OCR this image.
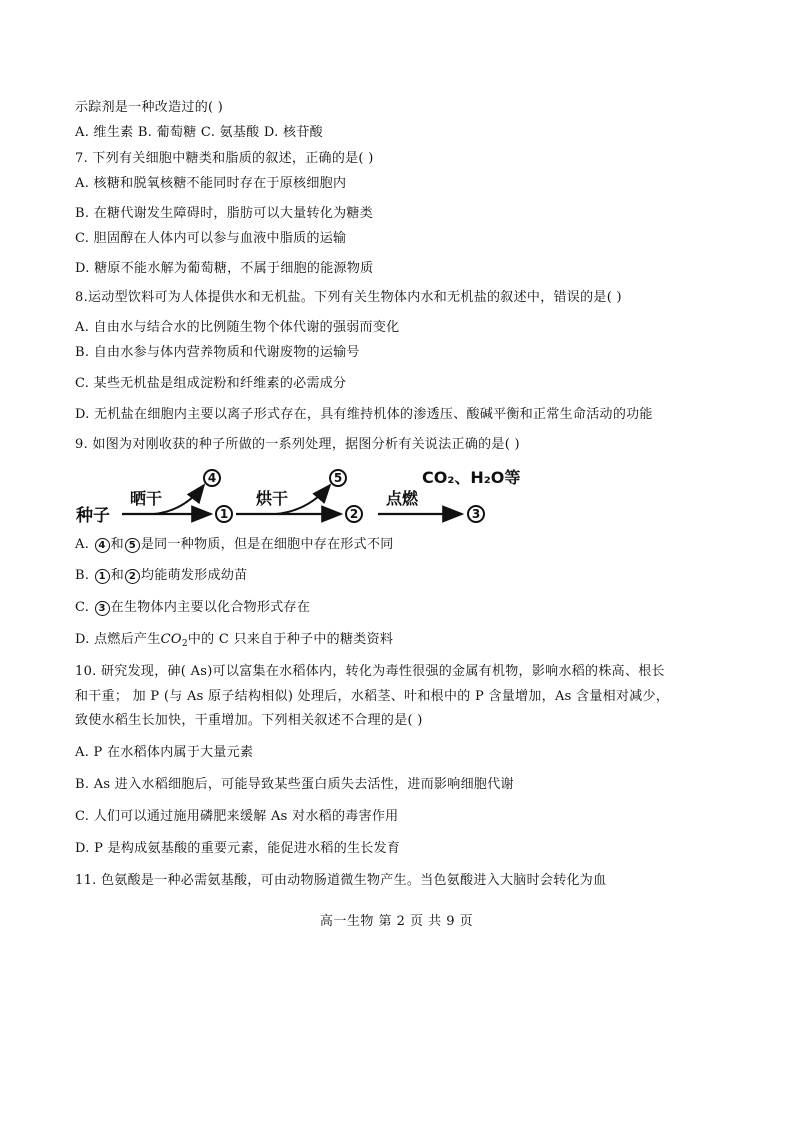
示踪剂是一种改造过的( )
A. 维生素 B. 葡萄糖 C. 氨基酸 D. 核苷酸
7. 下列有关细胞中糖类和脂质的叙述，正确的是( )
A. 核糖和脱氧核糖不能同时存在于原核细胞内
B. 在糖代谢发生障碍时，脂肪可以大量转化为糖类
C. 胆固醇在人体内可以参与血液中脂质的运输
D. 糖原不能水解为葡萄糖，不属于细胞的能源物质
8.运动型饮料可为人体提供水和无机盐。下列有关生物体内水和无机盐的叙述中，错误的是( )
A. 自由水与结合水的比例随生物个体代谢的强弱而变化
B. 自由水参与体内营养物质和代谢废物的运输号
C. 某些无机盐是组成淀粉和纤维素的必需成分
D. 无机盐在细胞内主要以离子形式存在，具有维持机体的渗透压、酸碱平衡和正常生命活动的功能
9. 如图为对刚收获的种子所做的一系列处理，据图分析有关说法正确的是( )
种子
晒干
4
1
烘干
5
2
点燃
CO₂、H₂O等
3
A. 4 和 5 是同一种物质，但是在细胞中存在形式不同
B. 1 和 2 均能萌发形成幼苗
C. 3 在生物体内主要以化合物形式存在
D. 点燃后产生$CO_2$中的 C 只来自于种子中的糖类资料
10. 研究发现，砷( As)可以富集在水稻体内，转化为毒性很强的金属有机物，影响水稻的株高、根长
和干重； 加 P (与 As 原子结构相似) 处理后，水稻茎、叶和根中的 P 含量增加，As 含量相对减少，
致使水稻生长加快，干重增加。下列相关叙述不合理的是( )
A. P 在水稻体内属于大量元素
B. As 进入水稻细胞后，可能导致某些蛋白质失去活性，进而影响细胞代谢
C. 人们可以通过施用磷肥来缓解 As 对水稻的毒害作用
D. P 是构成氨基酸的重要元素，能促进水稻的生长发育
11. 色氨酸是一种必需氨基酸，可由动物肠道微生物产生。当色氨酸进入大脑时会转化为血
高一生物 第 2 页 共 9 页
